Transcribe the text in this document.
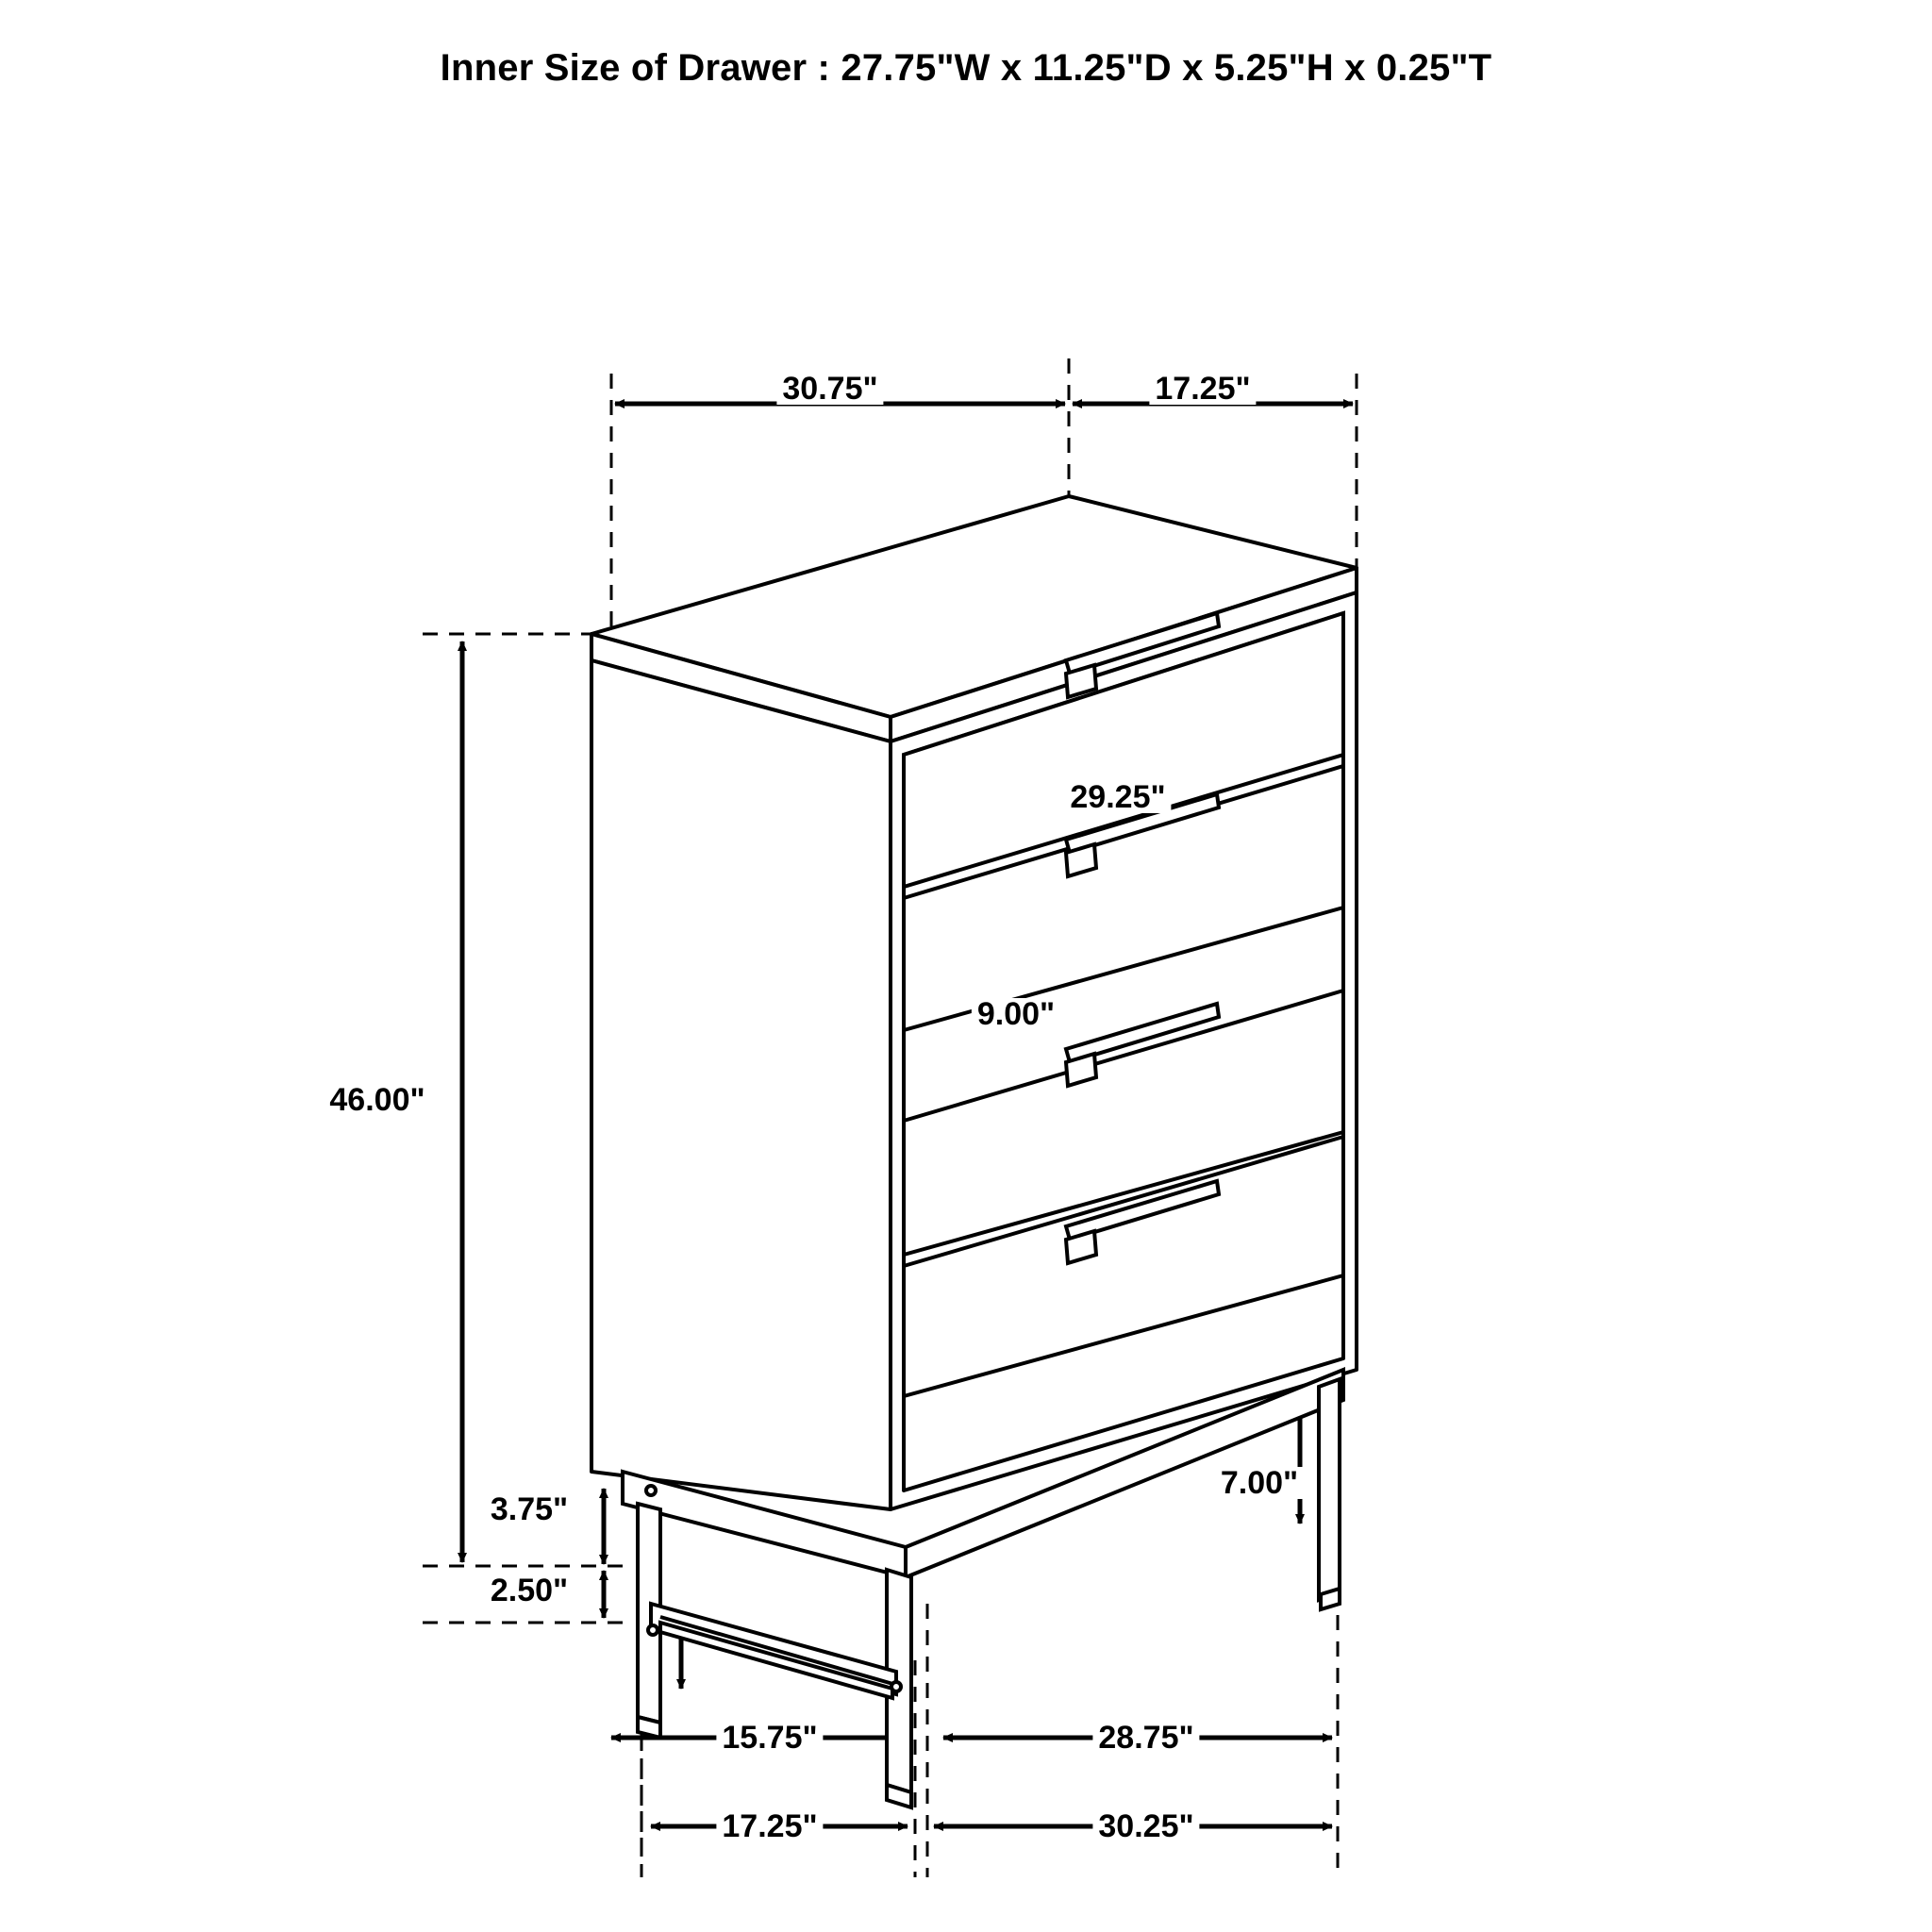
Inner Size of Drawer : 27.75"W x 11.25"D x 5.25"H x 0.25"T
30.75"	17.25"
46.00"
29.25"
9.00"
7.00"
3.75"
2.50"
15.75"	28.75"
17.25"	30.25"
